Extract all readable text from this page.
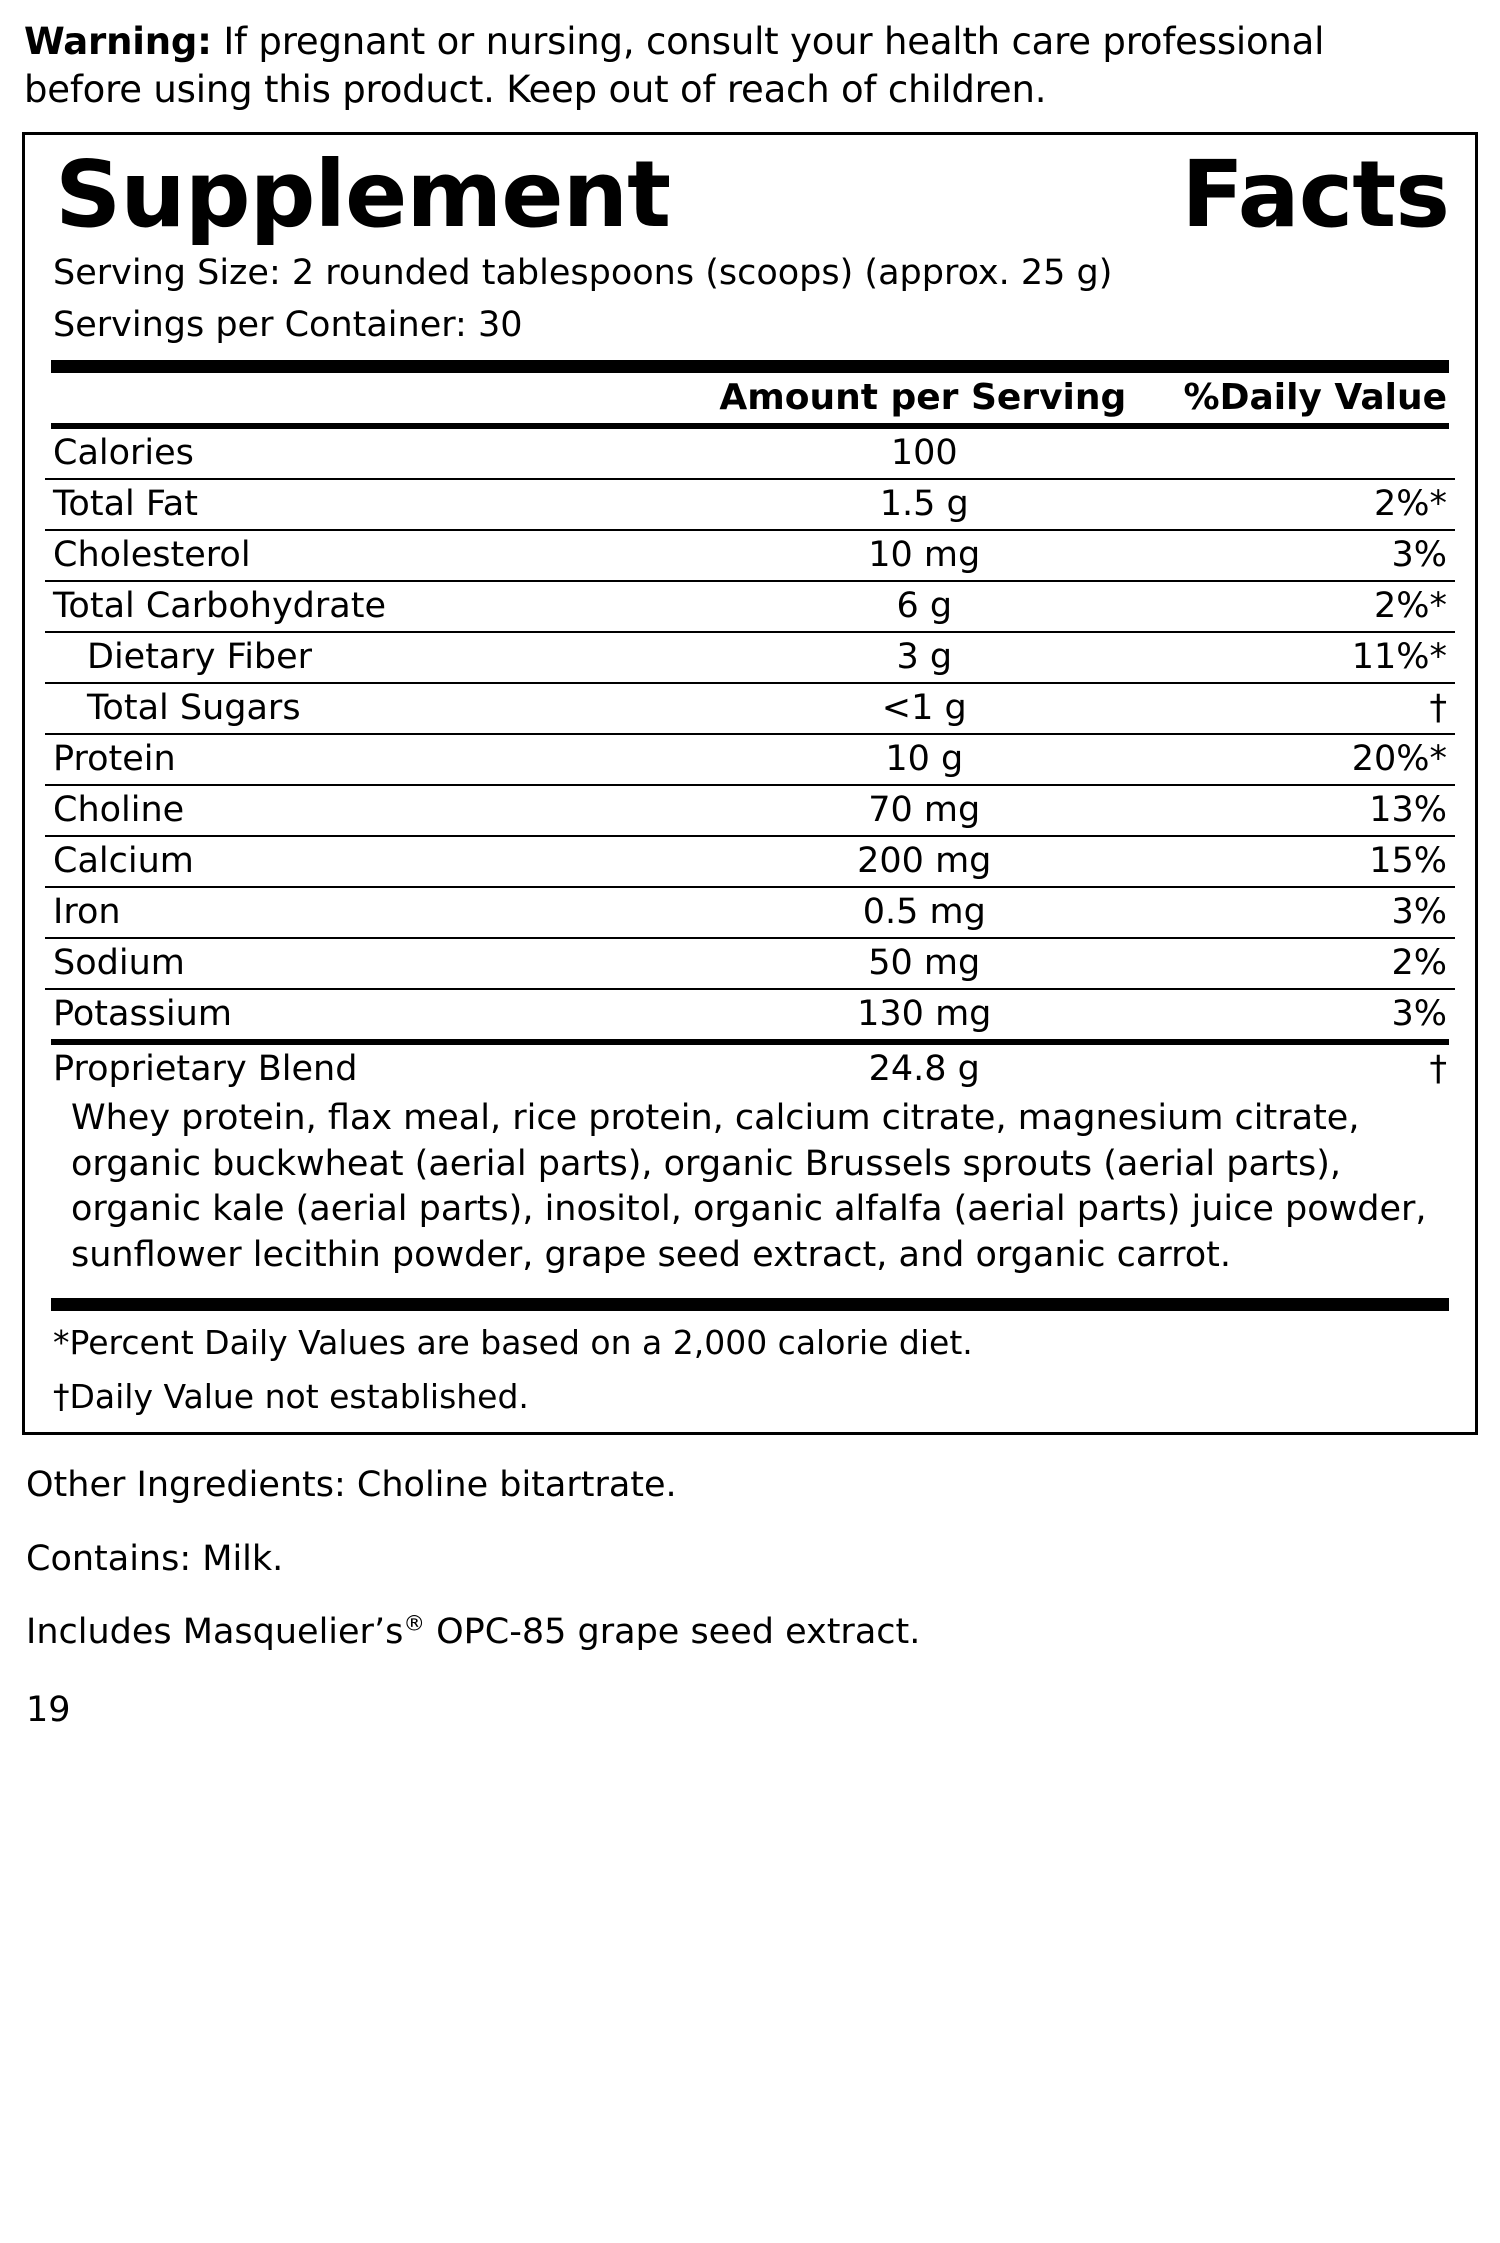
Warning: If pregnant or nursing, consult your health care professional before using this product. Keep out of reach of children.

Supplement	Facts
Serving Size: 2 rounded tablespoons (scoops) (approx. 25 g)
Servings per Container: 30
	Amount per Serving	%Daily Value
Calories	100	
Total Fat	1.5 g	2%*
Cholesterol	10 mg	3%
Total Carbohydrate	6 g	2%*
Dietary Fiber	3 g	11%*
Total Sugars	<1 g	†
Protein	10 g	20%*
Choline	70 mg	13%
Calcium	200 mg	15%
Iron	0.5 mg	3%
Sodium	50 mg	2%
Potassium	130 mg	3%
Proprietary Blend	24.8 g	†
Whey protein, flax meal, rice protein, calcium citrate, magnesium citrate, organic buckwheat (aerial parts), organic Brussels sprouts (aerial parts), organic kale (aerial parts), inositol, organic alfalfa (aerial parts) juice powder, sunflower lecithin powder, grape seed extract, and organic carrot.
*Percent Daily Values are based on a 2,000 calorie diet.
†Daily Value not established.

Other Ingredients: Choline bitartrate.

Contains: Milk.

Includes Masquelier’s® OPC-85 grape seed extract.

19
